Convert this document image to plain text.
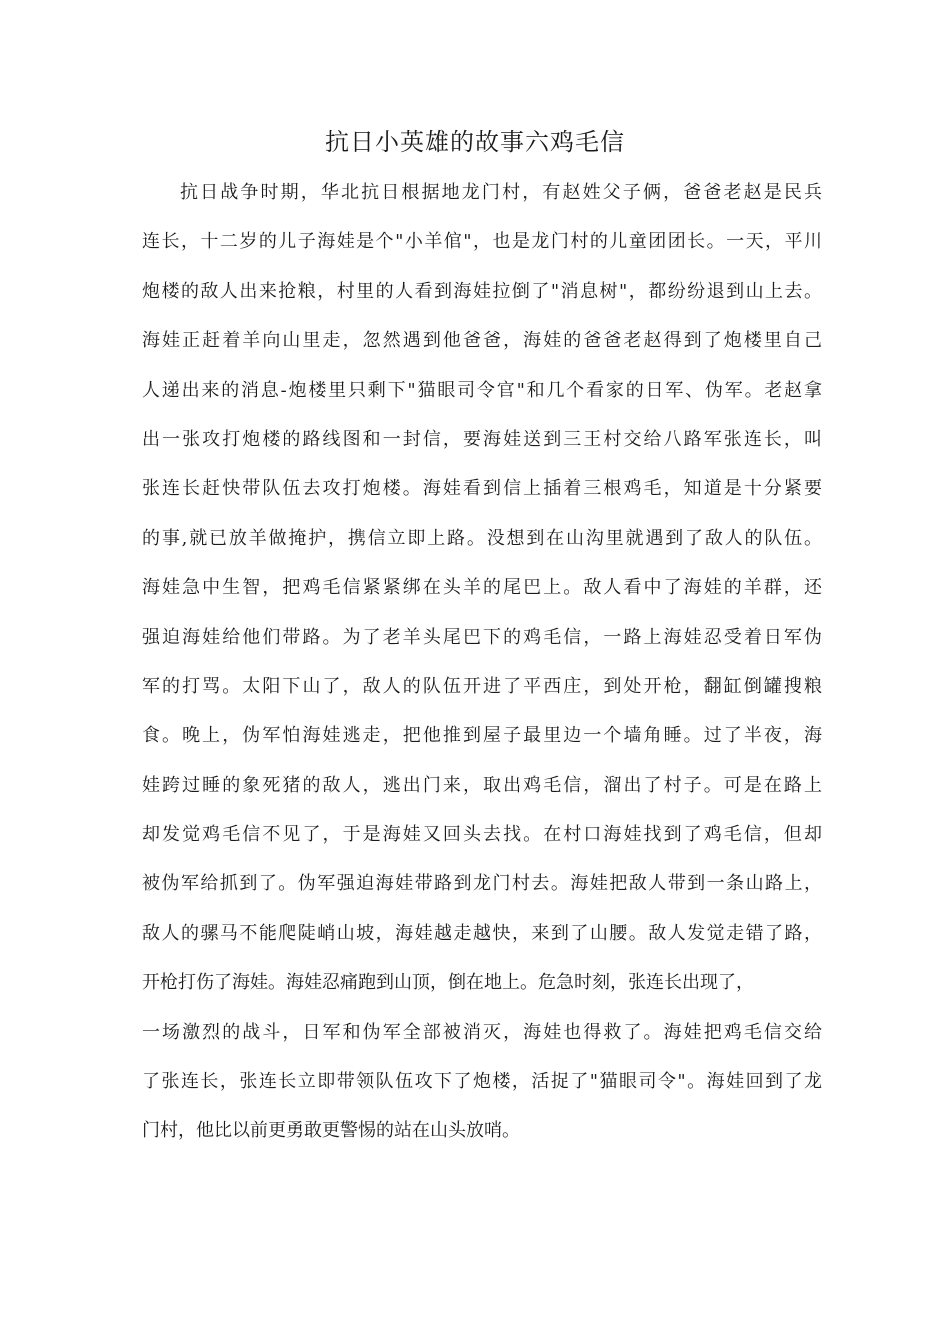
抗日小英雄的故事六鸡毛信
抗日战争时期，华北抗日根据地龙门村，有赵姓父子俩，爸爸老赵是民兵
连长，十二岁的儿子海娃是个"小羊倌"，也是龙门村的儿童团团长。一天，平川
炮楼的敌人出来抢粮，村里的人看到海娃拉倒了"消息树"，都纷纷退到山上去。
海娃正赶着羊向山里走，忽然遇到他爸爸，海娃的爸爸老赵得到了炮楼里自己
人递出来的消息-炮楼里只剩下"猫眼司令官"和几个看家的日军、伪军。老赵拿
出一张攻打炮楼的路线图和一封信，要海娃送到三王村交给八路军张连长，叫
张连长赶快带队伍去攻打炮楼。海娃看到信上插着三根鸡毛，知道是十分紧要
的事,就已放羊做掩护，携信立即上路。没想到在山沟里就遇到了敌人的队伍。
海娃急中生智，把鸡毛信紧紧绑在头羊的尾巴上。敌人看中了海娃的羊群，还
强迫海娃给他们带路。为了老羊头尾巴下的鸡毛信，一路上海娃忍受着日军伪
军的打骂。太阳下山了，敌人的队伍开进了平西庄，到处开枪，翻缸倒罐搜粮
食。晚上，伪军怕海娃逃走，把他推到屋子最里边一个墙角睡。过了半夜，海
娃跨过睡的象死猪的敌人，逃出门来，取出鸡毛信，溜出了村子。可是在路上
却发觉鸡毛信不见了，于是海娃又回头去找。在村口海娃找到了鸡毛信，但却
被伪军给抓到了。伪军强迫海娃带路到龙门村去。海娃把敌人带到一条山路上，
敌人的骡马不能爬陡峭山坡，海娃越走越快，来到了山腰。敌人发觉走错了路，
开枪打伤了海娃。海娃忍痛跑到山顶，倒在地上。危急时刻，张连长出现了，
一场激烈的战斗，日军和伪军全部被消灭，海娃也得救了。海娃把鸡毛信交给
了张连长，张连长立即带领队伍攻下了炮楼，活捉了"猫眼司令"。海娃回到了龙
门村，他比以前更勇敢更警惕的站在山头放哨。
